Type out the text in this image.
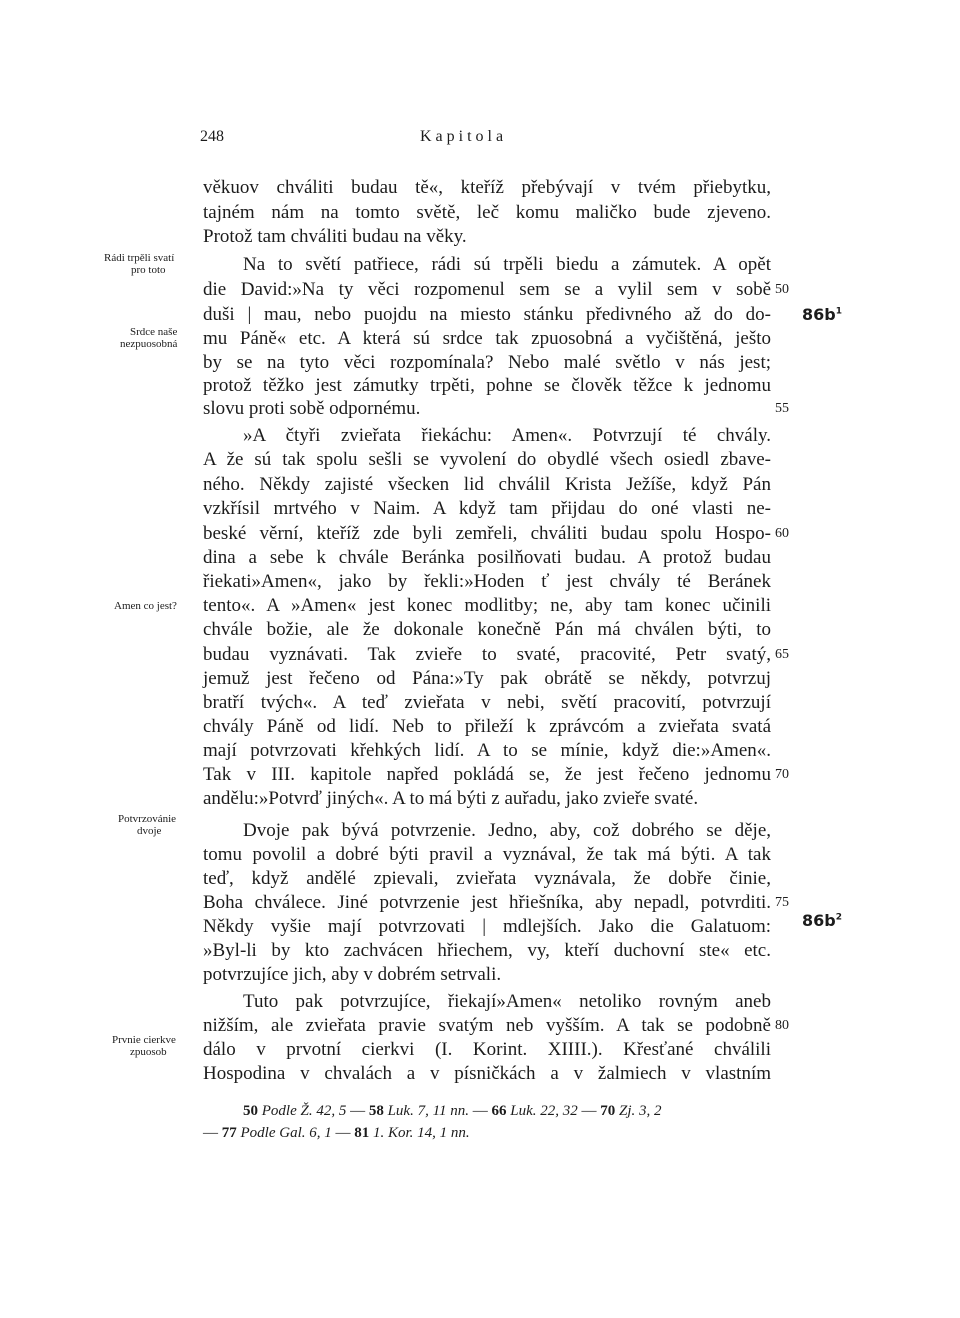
248	Kapitola
věkuov chváliti budau tě«, kteříž přebývají v tvém přiebytku,
tajném nám na tomto světě, leč komu maličko bude zjeveno.
Protož tam chváliti budau na věky.
Na to světí patřiece, rádi sú trpěli biedu a zámutek. A opět
die David:»Na ty věci rozpomenul sem se a vylil sem v sobě
duši | mau, nebo puojdu na miesto stánku předivného až do do-
mu Páně« etc. A která sú srdce tak zpuosobná a vyčištěná, ješto
by se na tyto věci rozpomínala? Nebo malé světlo v nás jest;
protož těžko jest zámutky trpěti, pohne se člověk těžce k jednomu
slovu proti sobě odpornému.
»A čtyři zvieřata řiekáchu: Amen«. Potvrzují té chvály.
A že sú tak spolu sešli se vyvolení do obydlé všech osiedl zbave-
ného. Někdy zajisté všecken lid chválil Krista Ježíše, když Pán
vzkřísil mrtvého v Naim. A když tam přijdau do oné vlasti ne-
beské věrní, kteříž zde byli zemřeli, chváliti budau spolu Hospo-
dina a sebe k chvále Beránka posilňovati budau. A protož budau
řiekati»Amen«, jako by řekli:»Hoden ť jest chvály té Beránek
tento«. A »Amen« jest konec modlitby; ne, aby tam konec učinili
chvále božie, ale že dokonale konečně Pán má chválen býti, to
budau vyznávati. Tak zvieře to svaté, pracovité, Petr svatý,
jemuž jest řečeno od Pána:»Ty pak obrátě se někdy, potvrzuj
bratří tvých«. A teď zvieřata v nebi, světí pracovití, potvrzují
chvály Páně od lidí. Neb to přileží k zprávcóm a zvieřata svatá
mají potvrzovati křehkých lidí. A to se mínie, když die:»Amen«.
Tak v III. kapitole napřed pokládá se, že jest řečeno jednomu
andělu:»Potvrď jiných«. A to má býti z auřadu, jako zvieře svaté.
Dvoje pak bývá potvrzenie. Jedno, aby, což dobrého se děje,
tomu povolil a dobré býti pravil a vyznával, že tak má býti. A tak
teď, když andělé zpievali, zvieřata vyznávala, že dobře činie,
Boha chválece. Jiné potvrzenie jest hřiešníka, aby nepadl, potvrditi.
Někdy vyšie mají potvrzovati | mdlejších. Jako die Galatuom:
»Byl-li by kto zachvácen hřiechem, vy, kteří duchovní ste« etc.
potvrzujíce jich, aby v dobrém setrvali.
Tuto pak potvrzujíce, řiekají»Amen« netoliko rovným aneb
nižším, ale zvieřata pravie svatým neb vyšším. A tak se podobně
dálo v prvotní cierkvi (I. Korint. XIIII.). Křesťané chválili
Hospodina v chvalách a v písničkách a v žalmiech v vlastním
50
55
60
65
70
75
80
Rádi trpěli svatí
pro toto
Srdce naše
nezpuosobná
Amen co jest?
Potvrzovánie
dvoje
Prvnie cierkve
zpuosob
$86b^1$
$86b^2$
50 Podle Ž. 42, 5 — 58 Luk. 7, 11 nn. — 66 Luk. 22, 32 — 70 Zj. 3, 2
— 77 Podle Gal. 6, 1 — 81 1. Kor. 14, 1 nn.
